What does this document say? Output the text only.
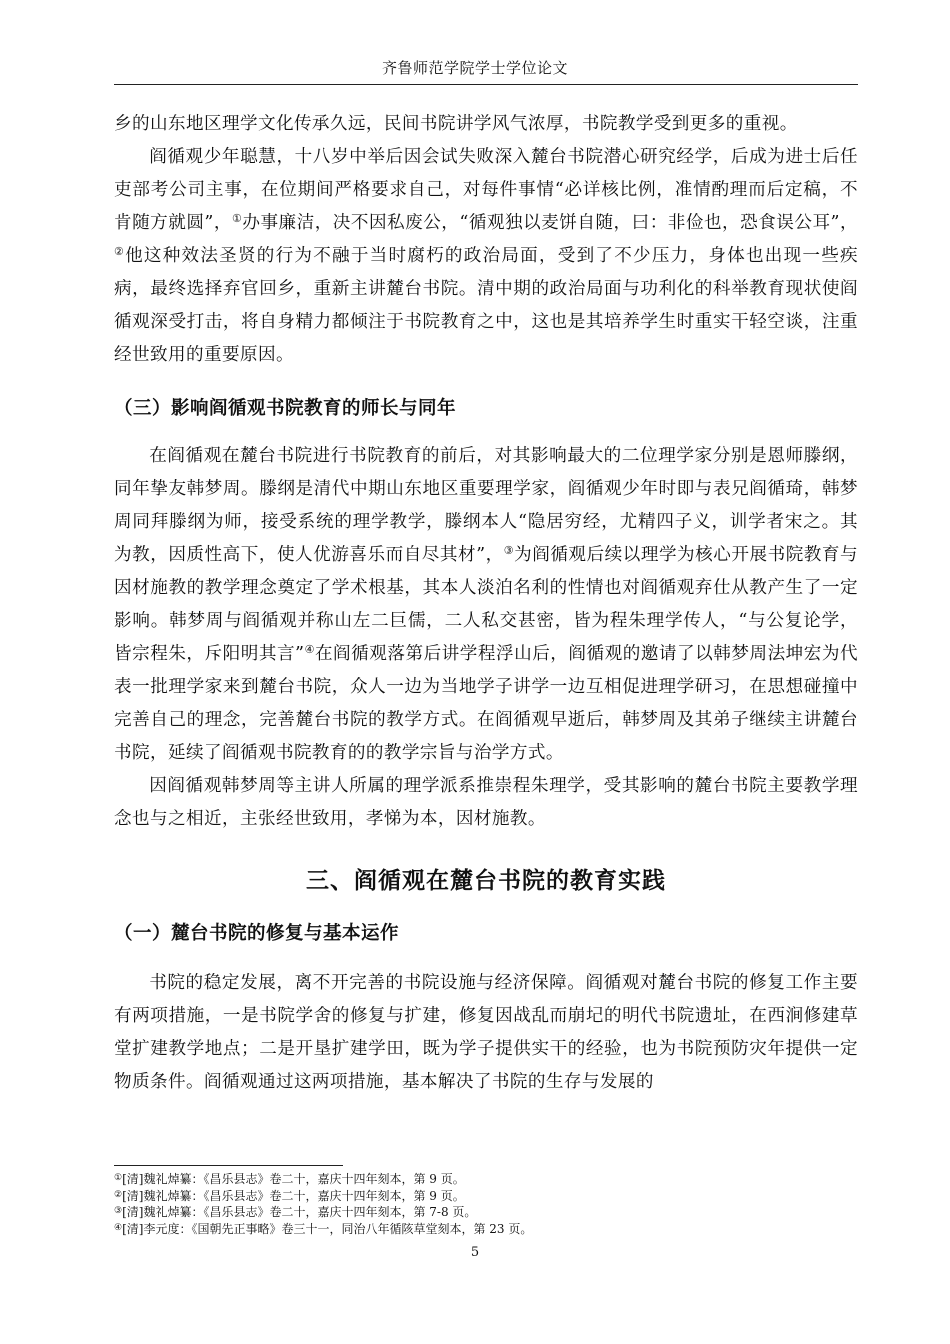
齐鲁师范学院学士学位论文

乡的山东地区理学文化传承久远，民间书院讲学风气浓厚，书院教学受到更多的重视。

阎循观少年聪慧，十八岁中举后因会试失败深入麓台书院潜心研究经学，后成为进士后任吏部考公司主事，在位期间严格要求自己，对每件事情“必详核比例，准情酌理而后定稿，不肯随方就圆”，①办事廉洁，决不因私废公，“循观独以麦饼自随，曰：非俭也，恐食误公耳”，②他这种效法圣贤的行为不融于当时腐朽的政治局面，受到了不少压力，身体也出现一些疾病，最终选择弃官回乡，重新主讲麓台书院。清中期的政治局面与功利化的科举教育现状使阎循观深受打击，将自身精力都倾注于书院教育之中，这也是其培养学生时重实干轻空谈，注重经世致用的重要原因。

（三）影响阎循观书院教育的师长与同年

在阎循观在麓台书院进行书院教育的前后，对其影响最大的二位理学家分别是恩师滕纲，同年挚友韩梦周。滕纲是清代中期山东地区重要理学家，阎循观少年时即与表兄阎循琦，韩梦周同拜滕纲为师，接受系统的理学教学，滕纲本人“隐居穷经，尤精四子义，训学者宋之。其为教，因质性高下，使人优游喜乐而自尽其材”，③为阎循观后续以理学为核心开展书院教育与因材施教的教学理念奠定了学术根基，其本人淡泊名利的性情也对阎循观弃仕从教产生了一定影响。韩梦周与阎循观并称山左二巨儒，二人私交甚密，皆为程朱理学传人，“与公复论学，皆宗程朱，斥阳明其言”④在阎循观落第后讲学程浮山后，阎循观的邀请了以韩梦周法坤宏为代表一批理学家来到麓台书院，众人一边为当地学子讲学一边互相促进理学研习，在思想碰撞中完善自己的理念，完善麓台书院的教学方式。在阎循观早逝后，韩梦周及其弟子继续主讲麓台书院，延续了阎循观书院教育的的教学宗旨与治学方式。

因阎循观韩梦周等主讲人所属的理学派系推崇程朱理学，受其影响的麓台书院主要教学理念也与之相近，主张经世致用，孝悌为本，因材施教。

三、阎循观在麓台书院的教育实践
（一）麓台书院的修复与基本运作

书院的稳定发展，离不开完善的书院设施与经济保障。阎循观对麓台书院的修复工作主要有两项措施，一是书院学舍的修复与扩建，修复因战乱而崩圮的明代书院遗址，在西涧修建草堂扩建教学地点；二是开垦扩建学田，既为学子提供实干的经验，也为书院预防灾年提供一定物质条件。阎循观通过这两项措施，基本解决了书院的生存与发展的

①[清]魏礼焯纂：《昌乐县志》卷二十，嘉庆十四年刻本，第 9 页。
②[清]魏礼焯纂：《昌乐县志》卷二十，嘉庆十四年刻本，第 9 页。
③[清]魏礼焯纂：《昌乐县志》卷二十，嘉庆十四年刻本，第 7-8 页。
④[清]李元度：《国朝先正事略》卷三十一，同治八年循陔草堂刻本，第 23 页。
5
